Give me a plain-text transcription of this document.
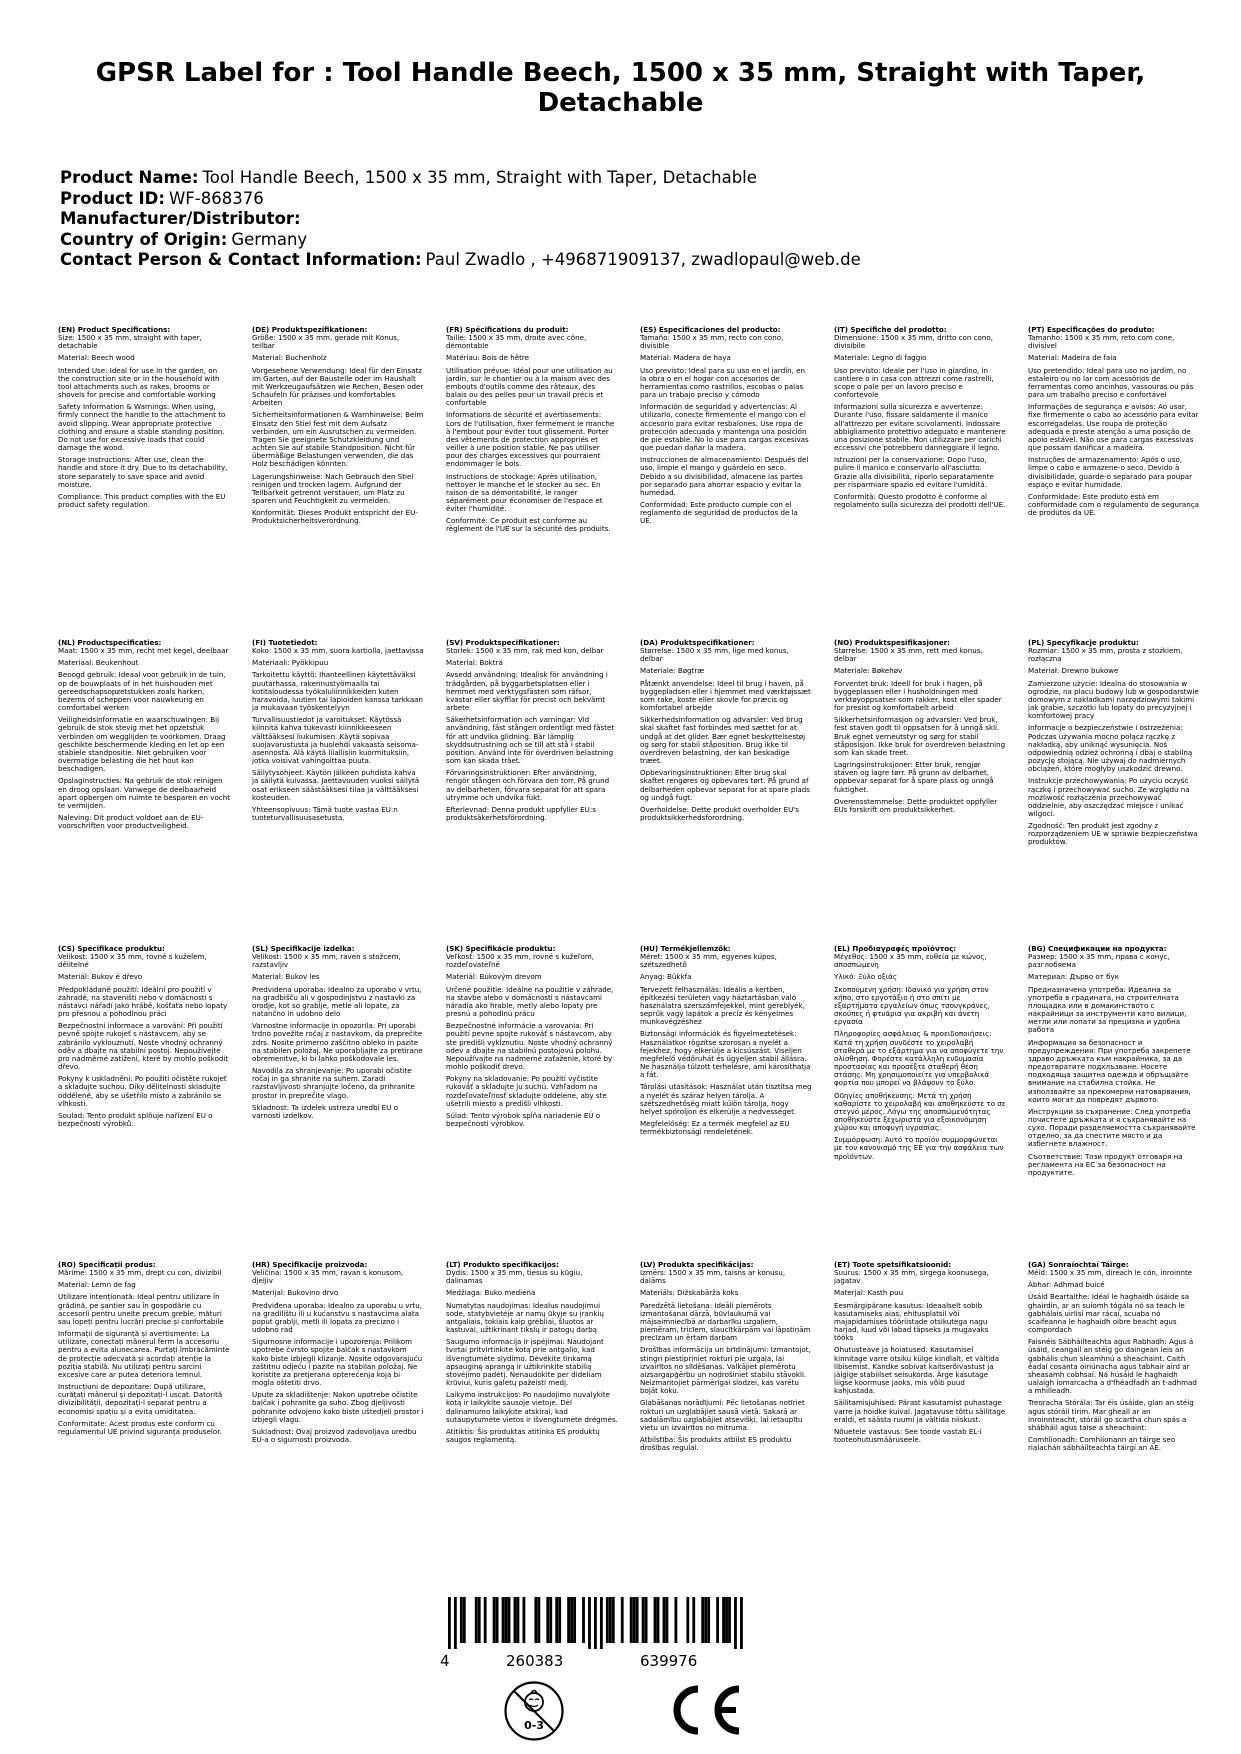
GPSR Label for : Tool Handle Beech, 1500 x 35 mm, Straight with Taper, Detachable
Product Name: Tool Handle Beech, 1500 x 35 mm, Straight with Taper, Detachable
Product ID: WF-868376
Manufacturer/Distributor:
Country of Origin: Germany
Contact Person & Contact Information: Paul Zwadlo , +496871909137, zwadlopaul@web.de
(EN) Product Specifications:
Size: 1500 x 35 mm, straight with taper, detachable
Material: Beech wood
Intended Use: Ideal for use in the garden, on the construction site or in the household with tool attachments such as rakes, brooms or shovels for precise and comfortable working
Safety Information & Warnings: When using, firmly connect the handle to the attachment to avoid slipping. Wear appropriate protective clothing and ensure a stable standing position. Do not use for excessive loads that could damage the wood.
Storage Instructions: After use, clean the handle and store it dry. Due to its detachability, store separately to save space and avoid moisture.
Compliance: This product complies with the EU product safety regulation.
(DE) Produktspezifikationen:
Größe: 1500 x 35 mm, gerade mit Konus, teilbar
Material: Buchenholz
Vorgesehene Verwendung: Ideal für den Einsatz im Garten, auf der Baustelle oder im Haushalt mit Werkzeugaufsätzen wie Rechen, Besen oder Schaufeln für präzises und komfortables Arbeiten
Sicherheitsinformationen & Warnhinweise: Beim Einsatz den Stiel fest mit dem Aufsatz verbinden, um ein Ausrutschen zu vermeiden. Tragen Sie geeignete Schutzkleidung und achten Sie auf stabile Standposition. Nicht für übermäßige Belastungen verwenden, die das Holz beschädigen könnten.
Lagerungshinweise: Nach Gebrauch den Stiel reinigen und trocken lagern. Aufgrund der Teilbarkeit getrennt verstauen, um Platz zu sparen und Feuchtigkeit zu vermeiden.
Konformität: Dieses Produkt entspricht der EU-Produktsicherheitsverordnung.
(FR) Spécifications du produit:
Taille: 1500 x 35 mm, droite avec cône, démontable
Matériau: Bois de hêtre
Utilisation prévue: Idéal pour une utilisation au jardin, sur le chantier ou à la maison avec des embouts d'outils comme des râteaux, des balais ou des pelles pour un travail précis et confortable
Informations de sécurité et avertissements: Lors de l'utilisation, fixer fermement le manche à l'embout pour éviter tout glissement. Porter des vêtements de protection appropriés et veiller à une position stable. Ne pas utiliser pour des charges excessives qui pourraient endommager le bois.
Instructions de stockage: Après utilisation, nettoyer le manche et le stocker au sec. En raison de sa démontabilité, le ranger séparément pour économiser de l'espace et éviter l'humidité.
Conformité: Ce produit est conforme au règlement de l'UE sur la sécurité des produits.
(ES) Especificaciones del producto:
Tamaño: 1500 x 35 mm, recto con cono, divisible
Material: Madera de haya
Uso previsto: Ideal para su uso en el jardín, en la obra o en el hogar con accesorios de herramientas como rastrillos, escobas o palas para un trabajo preciso y cómodo
Información de seguridad y advertencias: Al utilizarlo, conecte firmemente el mango con el accesorio para evitar resbalones. Use ropa de protección adecuada y mantenga una posición de pie estable. No lo use para cargas excesivas que puedan dañar la madera.
Instrucciones de almacenamiento: Después del uso, limpie el mango y guárdelo en seco. Debido a su divisibilidad, almacene las partes por separado para ahorrar espacio y evitar la humedad.
Conformidad: Este producto cumple con el reglamento de seguridad de productos de la UE.
(IT) Specifiche del prodotto:
Dimensione: 1500 x 35 mm, dritto con cono, divisibile
Materiale: Legno di faggio
Uso previsto: Ideale per l'uso in giardino, in cantiere o in casa con attrezzi come rastrelli, scope o pale per un lavoro preciso e confortevole
Informazioni sulla sicurezza e avvertenze: Durante l'uso, fissare saldamente il manico all'attrezzo per evitare scivolamenti. Indossare abbigliamento protettivo adeguato e mantenere una posizione stabile. Non utilizzare per carichi eccessivi che potrebbero danneggiare il legno.
Istruzioni per la conservazione: Dopo l'uso, pulire il manico e conservarlo all'asciutto. Grazie alla divisibilità, riporlo separatamente per risparmiare spazio ed evitare l'umidità.
Conformità: Questo prodotto è conforme al regolamento sulla sicurezza dei prodotti dell'UE.
(PT) Especificações do produto:
Tamanho: 1500 x 35 mm, reto com cone, divisível
Material: Madeira de faia
Uso pretendido: Ideal para uso no jardim, no estaleiro ou no lar com acessórios de ferramentas como ancinhos, vassouras ou pás para um trabalho preciso e confortável
Informações de segurança e avisos: Ao usar, fixe firmemente o cabo ao acessório para evitar escorregadelas. Use roupa de proteção adequada e preste atenção a uma posição de apoio estável. Não use para cargas excessivas que possam danificar a madeira.
Instruções de armazenamento: Após o uso, limpe o cabo e armazene-o seco. Devido à divisibilidade, guarde-o separado para poupar espaço e evitar humidade.
Conformidade: Este produto está em conformidade com o regulamento de segurança de produtos da UE.
(NL) Productspecificaties:
Maat: 1500 x 35 mm, recht met kegel, deelbaar
Materiaal: Beukenhout
Beoogd gebruik: Ideaal voor gebruik in de tuin, op de bouwplaats of in het huishouden met gereedschapsopzetstukken zoals harken, bezems of scheppen voor nauwkeurig en comfortabel werken
Veiligheidsinformatie en waarschuwingen: Bij gebruik de stok stevig met het opzetstuk verbinden om wegglijden te voorkomen. Draag geschikte beschermende kleding en let op een stabiele standpositie. Niet gebruiken voor overmatige belasting die het hout kan beschadigen.
Opslaginstructies: Na gebruik de stok reinigen en droog opslaan. Vanwege de deelbaarheid apart opbergen om ruimte te besparen en vocht te vermijden.
Naleving: Dit product voldoet aan de EU-voorschriften voor productveiligheid.
(FI) Tuotetiedot:
Koko: 1500 x 35 mm, suora kartiolla, jaettavissa
Materiaali: Pyökkipuu
Tarkoitettu käyttö: Ihanteellinen käytettäväksi puutarhassa, rakennustyömaalla tai kotitaloudessa työkaluliinnikkeiden kuten haravoida, luutien tai lapioiden kanssa tarkkaan ja mukavaan työskentelyyn
Turvallisuustiedot ja varoitukset: Käytössä kiinnitä kahva tukevasti kiinnikkeeseen välttääksesi liukumisen. Käytä sopivaa suojavarustusta ja huolehdi vakaasta seisoma-asennosta. Älä käytä liiallisiin kuormituksiin, jotka voisivat vahingoittaa puuta.
Säilytysohjeet: Käytön jälkeen puhdista kahva ja säilytä kuivassa. Jaettavuuden vuoksi säilytä osat erikseen säästääksesi tilaa ja välttääksesi kosteuden.
Yhteensopivuus: Tämä tuote vastaa EU:n tuoteturvallisuusasetusta.
(SV) Produktspecifikationer:
Storlek: 1500 x 35 mm, rak med kon, delbar
Material: Bokträ
Avsedd användning: Idealisk för användning i trädgården, på byggarbetsplatsen eller i hemmet med verktygsfästen som räfsor, kvastar eller skyfflar för precist och bekvämt arbete
Säkerhetsinformation och varningar: Vid användning, fäst stången ordentligt med fästet för att undvika glidning. Bär lämplig skyddsutrustning och se till att stå i stabil position. Använd inte för överdriven belastning som kan skada träet.
Förvaringsinstruktioner: Efter användning, rengör stången och förvara den torr. På grund av delbarheten, förvara separat för att spara utrymme och undvika fukt.
Efterlevnad: Denna produkt uppfyller EU:s produktsäkerhetsförordning.
(DA) Produktspecifikationer:
Størrelse: 1500 x 35 mm, lige med konus, delbar
Materiale: Bøgtræ
Påtænkt anvendelse: Ideel til brug i haven, på byggepladsen eller i hjemmet med værktøjssæt som rake, koste eller skovle for præcis og komfortabel arbejde
Sikkerhedsinformation og advarsler: Ved brug skal skaftet fast forbindes med sættet for at undgå at det glider. Bær egnet beskyttelsestøj og sørg for stabil ståposition. Brug ikke til overdreven belastning, der kan beskadige træet.
Opbevaringsinstruktioner: Efter brug skal skaftet rengøres og opbevares tørt. På grund af delbarheden opbevar separat for at spare plads og undgå fugt.
Overholdelse: Dette produkt overholder EU's produktsikkerhedsforordning.
(NO) Produktspesifikasjoner:
Størrelse: 1500 x 35 mm, rett med konus, delbar
Materiale: Bøkehøv
Forventet bruk: Ideell for bruk i hagen, på byggeplassen eller i husholdningen med verktøyoppsatser som rakker, kost eller spader for presist og komfortabelt arbeid
Sikkerhetsinformasjon og advarsler: Ved bruk, fest staven godt til oppsatsen for å unngå skli. Bruk egnet verneutstyr og sørg for stabil ståposisjon. Ikke bruk for overdreven belastning som kan skade treet.
Lagringsinstruksjoner: Etter bruk, rengjør staven og lagre tørr. På grunn av delbarhet, oppbevar separat for å spare plass og unngå fuktighet.
Overensstemmelse: Dette produktet oppfyller EUs forskrift om produktsikkerhet.
(PL) Specyfikacje produktu:
Rozmiar: 1500 x 35 mm, prosta z stożkiem, rozłączna
Materiał: Drewno bukowe
Zamierzone użycie: Idealna do stosowania w ogrodzie, na placu budowy lub w gospodarstwie domowym z nakładkami narzędziowymi takimi jak grabie, szczotki lub łopaty do precyzyjnej i komfortowej pracy
Informacje o bezpieczeństwie i ostrzeżenia: Podczas używania mocno połącz rączkę z nakładką, aby uniknąć wysunięcia. Noś odpowiednią odzież ochronną i dbaj o stabilną pozycję stojącą. Nie używaj do nadmiernych obciążeń, które mogłyby uszkodzić drewno.
Instrukcje przechowywania: Po użyciu oczyść rączkę i przechowywać sucho. Ze względu na możliwość rozłączenia przechowywać oddzielnie, aby oszczędzać miejsce i unikać wilgoci.
Zgodność: Ten produkt jest zgodny z rozporządzeniem UE w sprawie bezpieczeństwa produktów.
(CS) Specifikace produktu:
Velikost: 1500 x 35 mm, rovné s kuželem, dělitelné
Materiál: Bukov é dřevo
Předpokládané použití: Ideální pro použití v zahradě, na staveništi nebo v domácnosti s nástavci nářadí jako hrábě, košťata nebo lopaty pro přesnou a pohodlnou práci
Bezpečnostní informace a varování: Při použití pevně spojte rukojeť s nástavcem, aby se zabránilo vyklouznutí. Noste vhodný ochranný oděv a dbajte na stabilní postoj. Nepoužívejte pro nadměrné zatížení, které by mohlo poškodit dřevo.
Pokyny k uskladnění: Po použití očistěte rukojeť a skladujte suchou. Díky dělitelnosti skladujte odděleně, aby se ušetřilo místo a zabránilo se vlhkosti.
Soulad: Tento produkt splňuje nařízení EU o bezpečnosti výrobků.
(SL) Specifikacije izdelka:
Velikost: 1500 x 35 mm, raven s stožcem, razstavljiv
Material: Bukov les
Predvidena uporaba: Idealno za uporabo v vrtu, na gradbišču ali v gospodinjstvu z nastavki za orodje, kot so grablje, metle ali lopate, za natančno in udobno delo
Varnostne informacije in opozorila: Pri uporabi trdno povežite ročaj z nastavkom, da preprečite zdrs. Nosite primerno zaščitno obleko in pazite na stabilen položaj. Ne uporabljajte za pretirane obremenitve, ki bi lahko poškodovale les.
Navodila za shranjevanje: Po uporabi očistite ročaj in ga shranite na suhem. Zaradi razstavljivosti shranjujte ločeno, da prihranite prostor in preprečite vlago.
Skladnost: Ta izdelek ustreza uredbi EU o varnosti izdelkov.
(SK) Špecifikácie produktu:
Veľkosť: 1500 x 35 mm, rovné s kužeľom, rozdeľovateľné
Materiál: Bukovým drevom
Určené použitie: Ideálne na použitie v záhrade, na stavbe alebo v domácnosti s nástavcami náradia ako hrable, metly alebo lopaty pre presnú a pohodlnú prácu
Bezpečnostné informácie a varovania: Pri použití pevne spojte rukoväť s nástavcom, aby ste predišli vykĺznutiu. Noste vhodný ochranný odev a dbajte na stabilnú postojovú polohu. Nepoužívajte na nadmerné zaťaženie, ktoré by mohlo poškodiť drevo.
Pokyny na skladovanie: Po použití vyčistite rukoväť a skladujte ju suchú. Vzhľadom na rozdeľovateľnosť skladujte oddelene, aby ste ušetrili miesto a predišli vlhkosti.
Súlad: Tento výrobok spĺňa nariadenie EÚ o bezpečnosti výrobkov.
(HU) Termékjellemzők:
Méret: 1500 x 35 mm, egyenes kúpos, szétszedhető
Anyag: Bükkfa
Tervezett felhasználás: Ideális a kertben, építkezési területen vagy háztartásban való használatra szerszámfejekkel, mint gereblyék, seprűk vagy lapátok a precíz és kényelmes munkavégzéshez
Biztonsági információk és figyelmeztetések: Használatkor rögzítse szorosan a nyelét a fejekhez, hogy elkerülje a kicsúszást. Viseljen megfelelő védőruhát és ügyeljen stabil állásra. Ne használja túlzott terhelésre, ami károsíthatja a fát.
Tárolási utasítások: Használat után tisztítsa meg a nyelét és száraz helyen tárolja. A szétszedhetőség miatt külön tárolja, hogy helyet spóroljon és elkerülje a nedvességet.
Megfelelőség: Ez a termék megfelel az EU termékbiztonsági rendeletének.
(EL) Προδιαγραφές προϊόντος:
Μέγεθος: 1500 x 35 mm, ευθεία με κώνος, αποσπώμενη
Υλικό: Ξύλο οξιάς
Σκοπούμενη χρήση: Ιδανικό για χρήση στον κήπο, στο εργοτάξιο ή στο σπίτι με εξαρτήματα εργαλείων όπως τσουγκράνες, σκούπες ή φτυάρια για ακριβή και άνετη εργασία
Πληροφορίες ασφάλειας & προειδοποιήσεις: Κατά τη χρήση συνδέστε το χειρολαβή σταθερά με το εξάρτημα για να αποφύγετε την ολίσθηση. Φορέστε κατάλληλη ενδυμασία προστασίας και προσέξτε σταθερή θέση στάσης. Μη χρησιμοποιείτε για υπερβολικά φορτία που μπορεί να βλάψουν το ξύλο.
Οδηγίες αποθήκευσης: Μετά τη χρήση καθαρίστε το χειρολαβή και αποθηκεύστε το σε στεγνό μέρος. Λόγω της αποσπώμενότητας αποθηκεύστε ξεχωριστά για εξοικονόμηση χώρου και αποφυγή υγρασίας.
Συμμόρφωση: Αυτό το προϊόν συμμορφώνεται με τον κανονισμό της ΕΕ για την ασφάλεια των προϊόντων.
(BG) Спецификации на продукта:
Размер: 1500 x 35 mm, права с конус, разглобяема
Материал: Дърво от бук
Предназначена употреба: Идеална за употреба в градината, на строителната площадка или в домакинството с накрайници за инструменти като вилици, метли или лопати за прецизна и удобна работа
Информация за безопасност и предупреждения: При употреба закрепете здраво дръжката към накрайника, за да предотвратите подхлъзване. Носете подходяща защитна одежда и обръщайте внимание на стабилна стойка. Не използвайте за прекомерни натоварвания, които могат да повредят дървото.
Инструкции за съхранение: След употреба почистете дръжката и я съхранявайте на сухо. Поради разделяемостта съхранявайте отделно, за да спестите място и да избегнете влажност.
Съответствие: Този продукт отговаря на регламента на ЕС за безопасност на продуктите.
(RO) Specificații produs:
Mărime: 1500 x 35 mm, drept cu con, divizibil
Material: Lemn de fag
Utilizare intenționată: Ideal pentru utilizare în grădină, pe șantier sau în gospodărie cu accesorii pentru unelte precum greble, mături sau lopeți pentru lucrări precise și confortabile
Informații de siguranță și avertismente: La utilizare, conectați mânerul ferm la accesoriu pentru a evita alunecarea. Purtați îmbrăcăminte de protecție adecvată și acordați atenție la poziția stabilă. Nu utilizați pentru sarcini excesive care ar putea deteriora lemnul.
Instrucțiuni de depozitare: După utilizare, curățați mânerul și depozitați-l uscat. Datorită divizibilității, depozitați-l separat pentru a economisi spațiu și a evita umiditatea.
Conformitate: Acest produs este conform cu regulamentul UE privind siguranța produselor.
(HR) Specifikacije proizvoda:
Veličina: 1500 x 35 mm, ravan s konusom, djeljiv
Materijal: Bukovino drvo
Predviđena uporaba: Idealno za uporabu u vrtu, na gradilištu ili u kućanstvu s nastavcima alata poput grablji, metli ili lopata za precizno i udobno rad
Sigurnosne informacije i upozorenja: Prilikom upotrebe čvrsto spojite balčak s nastavkom kako biste izbjegli klizanje. Nosite odgovarajuću zaštitnu odjeću i pazite na stabilan položaj. Ne koristite za pretjerana opterećenja koja bi mogla oštetiti drvo.
Upute za skladištenje: Nakon upotrebe očistite balčak i pohranite ga suho. Zbog djeljivosti pohranite odvojeno kako biste uštedjeli prostor i izbjegli vlagu.
Sukladnost: Ovaj proizvod zadovoljava uredbu EU-a o sigurnosti proizvoda.
(LT) Produkto specifikacijos:
Dydis: 1500 x 35 mm, tiesus su kūgiu, dalinamas
Medžiaga: Buko mediena
Numatytas naudojimas: Idealus naudojimui sode, statybvietėje ar namų ūkyje su įrankių antgaliais, tokiais kaip grėbliai, šluotos ar kastuvai, užtikrinant tikslų ir patogų darbą
Saugumo informacija ir įspėjimai: Naudojant tvirtai pritvirtinkite kotą prie antgalio, kad išvengtumėte slydimo. Dėvėkite tinkamą apsauginę aprangą ir užtikrinkite stabilią stovėjimo padėtį. Nenaudokite per dideliam krūviui, kuris galėtų pažeisti medį.
Laikymo instrukcijos: Po naudojimo nuvalykite kotą ir laikykite sausoje vietoje. Dėl dalinamumo laikykite atskirai, kad sutaupytumėte vietos ir išvengtumėte drėgmės.
Atitiktis: Šis produktas atitinka ES produktų saugos reglamentą.
(LV) Produkta specifikācijas:
Izmērs: 1500 x 35 mm, taisns ar konusu, dalāms
Materiāls: Dižskabārža koks
Paredzētā lietošana: Ideāli piemērots izmantošanai dārzā, būvlaukumā vai mājsaimniecībā ar darbarīku uzgaļiem, piemēram, tricīem, slaucītkārpām vai lāpstiņām precīzam un ērtam darbam
Drošības informācija un brīdinājumi: Izmantojot, stingri piestipriniet rokturi pie uzgaļa, lai izvairītos no slīdēšanas. Valkājiet piemērotu aizsargapģērbu un nodrošiniet stabilu stāvokli. Neizmantojiet pārmērīgai slodzei, kas varētu bojāt koku.
Glabāšanas norādījumi: Pēc lietošanas notīriet rokturi un uzglabājiet sausā vietā. Sakarā ar sadalāmību uzglabājiet atsevišķi, lai ietaupītu vietu un izvairītos no mitruma.
Atbilstība: Šis produkts atbilst ES produktu drošības regulai.
(ET) Toote spetsifikatsioonid:
Suurus: 1500 x 35 mm, sirgega koonusega, jagatav
Materjal: Kasth puu
Eesmärgipärane kasutus: Ideaalselt sobib kasutamiseks aias, ehitusplatsil või majapidamises tööriistade otsikutega nagu harjad, luud või labad täpseks ja mugavaks tööks
Ohutusteave ja hoiatused: Kasutamisel kinnitage varre otsiku külge kindlalt, et vältida libisemist. Kandke sobivat kaitserõivastust ja jälgige stabiilset seisukorda. Ärge kasutage liigse koormuse jaoks, mis võib puud kahjustada.
Säilitamisjuhised: Pärast kasutamist puhastage varre ja hoidke kuival. Jagatavuse tõttu säilitage eraldi, et säästa ruumi ja vältida niiskust.
Nõuetele vastavus: See toode vastab EL-i tooteohutusmääruseele.
(GA) Sonraíochtaí Táirge:
Méid: 1500 x 35 mm, díreach le cón, inroinnte
Ábhar: Adhmad buicé
Úsáid Beartaithe: Idéal le haghaidh úsáide sa ghairdín, ar an suíomh tógála nó sa teach le gabhálais uirlisí mar rácaí, scuaba nó scaifeanna le haghaidh oibre beacht agus compordach
Faisnéis Sábháilteachta agus Rabhadh: Agus á úsáid, ceangail an stéig go daingean leis an gabhális chun sleamhnú a sheachaint. Caith éadaí cosanta oiriúnacha agus tabhair aird ar sheasamh cobhsaí. Ná húsáid le haghaidh ualaigh iomarcacha a d'fhéadfadh an t-adhmad a mhilleadh.
Treoracha Stórála: Tar éis úsáide, glan an stéig agus stóráil tirim. Mar gheall ar an inroinnteacht, stóráil go scartha chun spás a shábháil agus taise a sheachaint.
Comhlíonadh: Comhlíonann an táirge seo rialachán sábháilteachta táirgí an AE.
4	260383	639976
0-3
